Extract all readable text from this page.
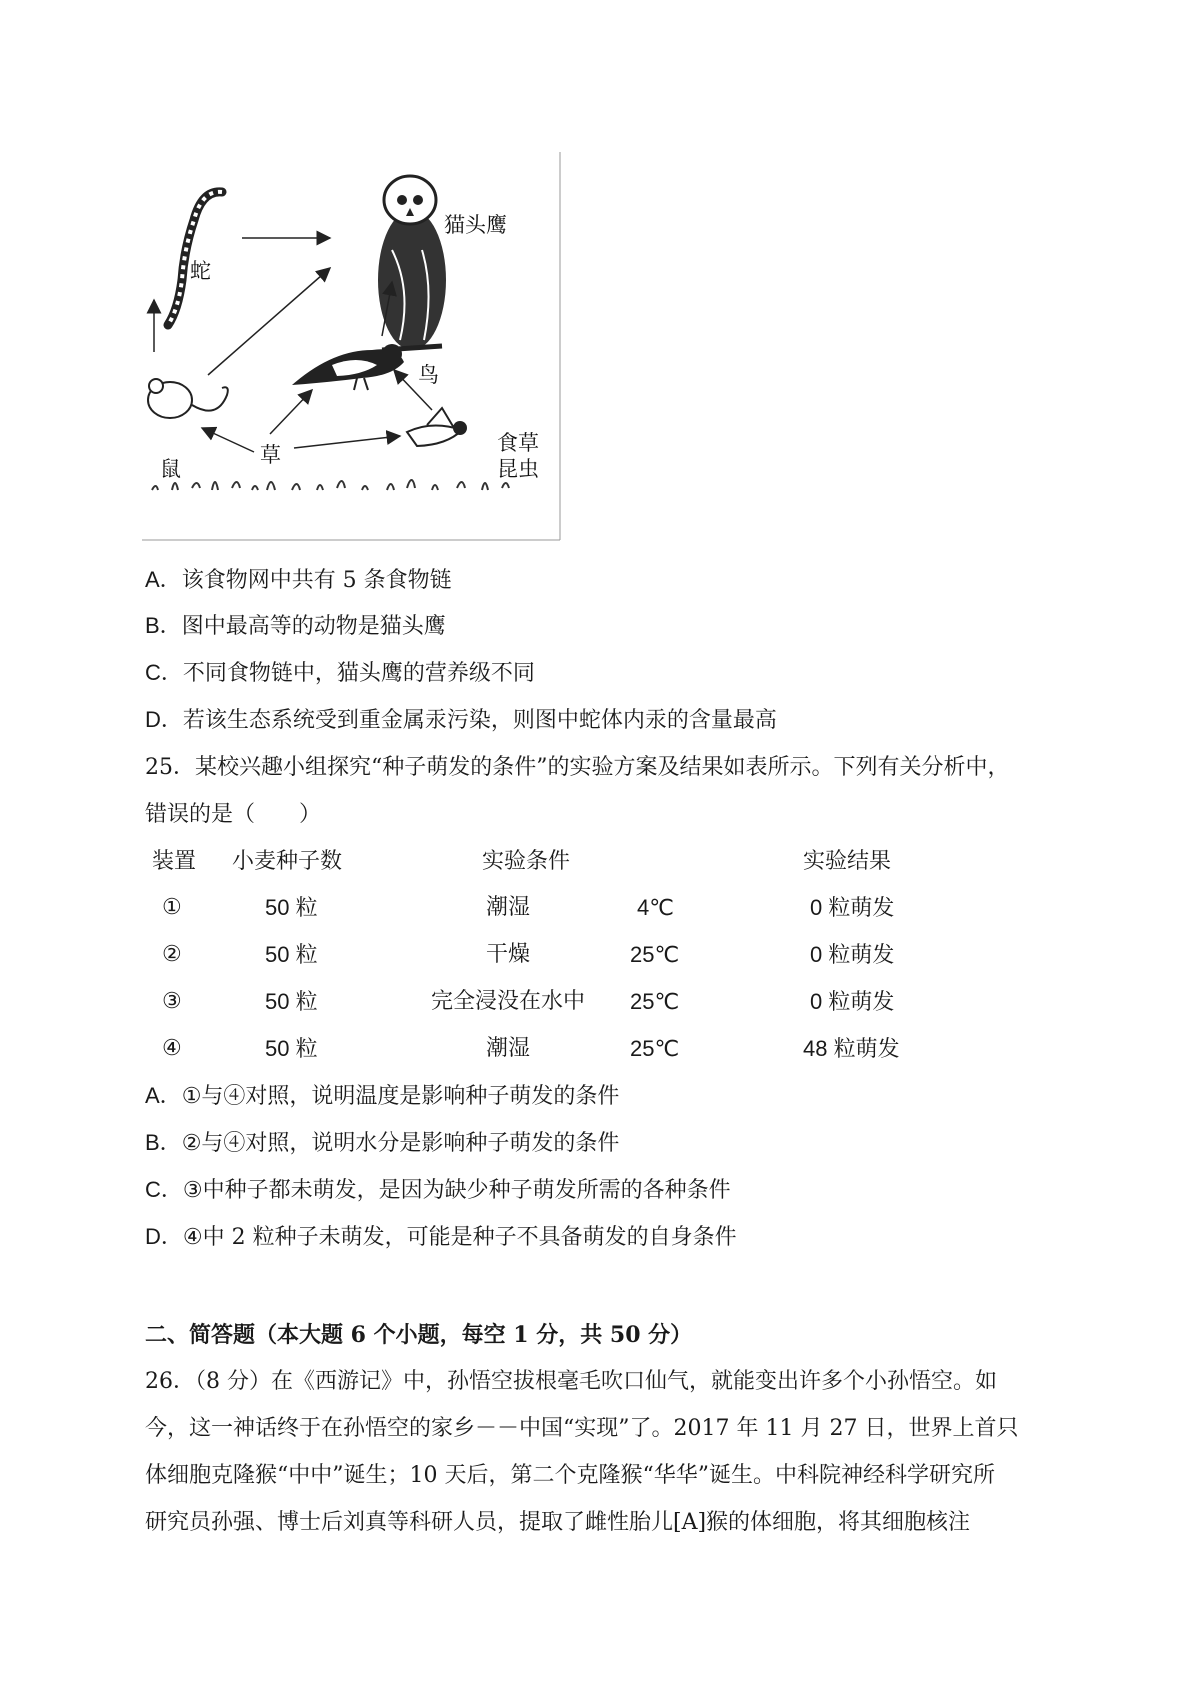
猫头鹰
蛇
鸟
鼠
草	食草
昆虫
A．该食物网中共有 5 条食物链
B．图中最高等的动物是猫头鹰
C．不同食物链中，猫头鹰的营养级不同
D．若该生态系统受到重金属汞污染，则图中蛇体内汞的含量最高
25．某校兴趣小组探究“种子萌发的条件”的实验方案及结果如表所示。下列有关分析中，
错误的是（　　）
装置 小麦种子数	实验条件	实验结果
①	50 粒	潮湿	4℃	0 粒萌发
②	50 粒	干燥	25℃	0 粒萌发
③	50 粒	完全浸没在水中	25℃	0 粒萌发
④	50 粒	潮湿	25℃	48 粒萌发
A．①与④对照，说明温度是影响种子萌发的条件
B．②与④对照，说明水分是影响种子萌发的条件
C．③中种子都未萌发，是因为缺少种子萌发所需的各种条件
D．④中 2 粒种子未萌发，可能是种子不具备萌发的自身条件
二、简答题（本大题 6 个小题，每空 1 分，共 50 分）
26．（8 分）在《西游记》中，孙悟空拔根毫毛吹口仙气，就能变出许多个小孙悟空。如
今，这一神话终于在孙悟空的家乡－－中国“实现”了。2017 年 11 月 27 日，世界上首只
体细胞克隆猴“中中”诞生；10 天后，第二个克隆猴“华华”诞生。中科院神经科学研究所
研究员孙强、博士后刘真等科研人员，提取了雌性胎儿[A]猴的体细胞，将其细胞核注
